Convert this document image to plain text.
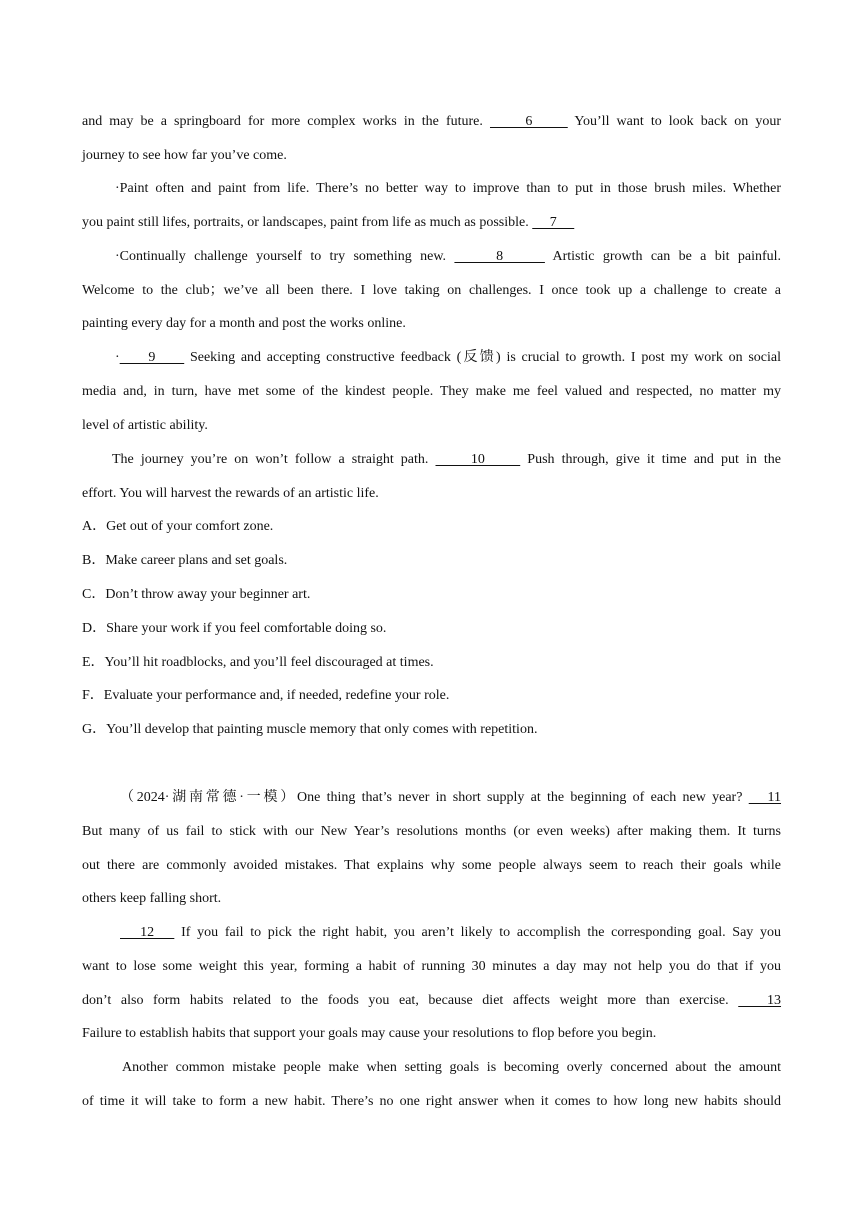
and may be a springboard for more complex works in the future.      6      You’ll want to look back on your
journey to see how far you’ve come.
·Paint often and paint from life. There’s no better way to improve than to put in those brush miles. Whether
you paint still lifes, portraits, or landscapes, paint from life as much as possible.      7
·Continually challenge yourself to try something new.      8      Artistic growth can be a bit painful.
Welcome to the club；we’ve all been there. I love taking on challenges. I once took up a challenge to create a
painting every day for a month and post the works online.
·     9      Seeking and accepting constructive feedback (反馈) is crucial to growth. I post my work on social
media and, in turn, have met some of the kindest people. They make me feel valued and respected, no matter my
level of artistic ability.
The journey you’re on won’t follow a straight path.      10      Push through, give it time and put in the
effort. You will harvest the rewards of an artistic life.
A．Get out of your comfort zone.
B．Make career plans and set goals.
C．Don’t throw away your beginner art.
D．Share your work if you feel comfortable doing so.
E．You’ll hit roadblocks, and you’ll feel discouraged at times.
F．Evaluate your performance and, if needed, redefine your role.
G．You’ll develop that painting muscle memory that only comes with repetition.
（2024·湖南常德·一模）One thing that’s never in short supply at the beginning of each new year?    11
But many of us fail to stick with our New Year’s resolutions months (or even weeks) after making them. It turns
out there are commonly avoided mistakes. That explains why some people always seem to reach their goals while
others keep falling short.
12    If you fail to pick the right habit, you aren’t likely to accomplish the corresponding goal. Say you
want to lose some weight this year, forming a habit of running 30 minutes a day may not help you do that if you
don’t also form habits related to the foods you eat, because diet affects weight more than exercise.    13
Failure to establish habits that support your goals may cause your resolutions to flop before you begin.
Another common mistake people make when setting goals is becoming overly concerned about the amount
of time it will take to form a new habit. There’s no one right answer when it comes to how long new habits should
